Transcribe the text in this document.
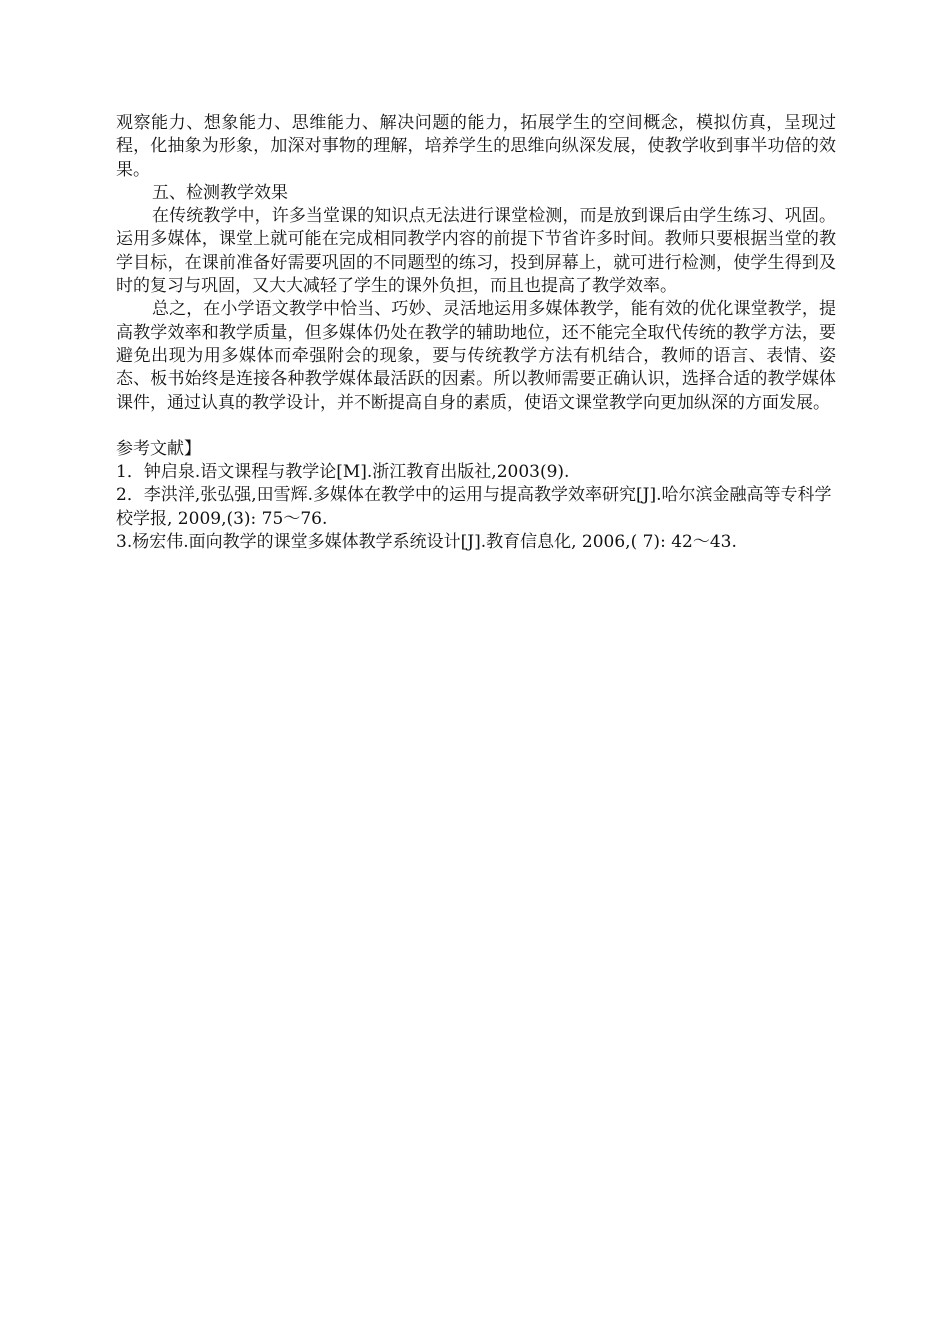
观察能力、想象能力、思维能力、解决问题的能力，拓展学生的空间概念，模拟仿真，呈现过程，化抽象为形象，加深对事物的理解，培养学生的思维向纵深发展，使教学收到事半功倍的效果。

五、检测教学效果

在传统教学中，许多当堂课的知识点无法进行课堂检测，而是放到课后由学生练习、巩固。运用多媒体，课堂上就可能在完成相同教学内容的前提下节省许多时间。教师只要根据当堂的教学目标，在课前准备好需要巩固的不同题型的练习，投到屏幕上，就可进行检测，使学生得到及时的复习与巩固，又大大减轻了学生的课外负担，而且也提高了教学效率。

总之，在小学语文教学中恰当、巧妙、灵活地运用多媒体教学，能有效的优化课堂教学，提高教学效率和教学质量，但多媒体仍处在教学的辅助地位，还不能完全取代传统的教学方法，要避免出现为用多媒体而牵强附会的现象，要与传统教学方法有机结合，教师的语言、表情、姿态、板书始终是连接各种教学媒体最活跃的因素。所以教师需要正确认识，选择合适的教学媒体课件，通过认真的教学设计，并不断提高自身的素质，使语文课堂教学向更加纵深的方面发展。

参考文献】

1．钟启泉.语文课程与教学论[M].浙江教育出版社,2003(9).

2．李洪洋,张弘强,田雪辉.多媒体在教学中的运用与提高教学效率研究[J].哈尔滨金融高等专科学校学报, 2009,(3): 75～76.

3.杨宏伟.面向教学的课堂多媒体教学系统设计[J].教育信息化, 2006,( 7): 42～43.
